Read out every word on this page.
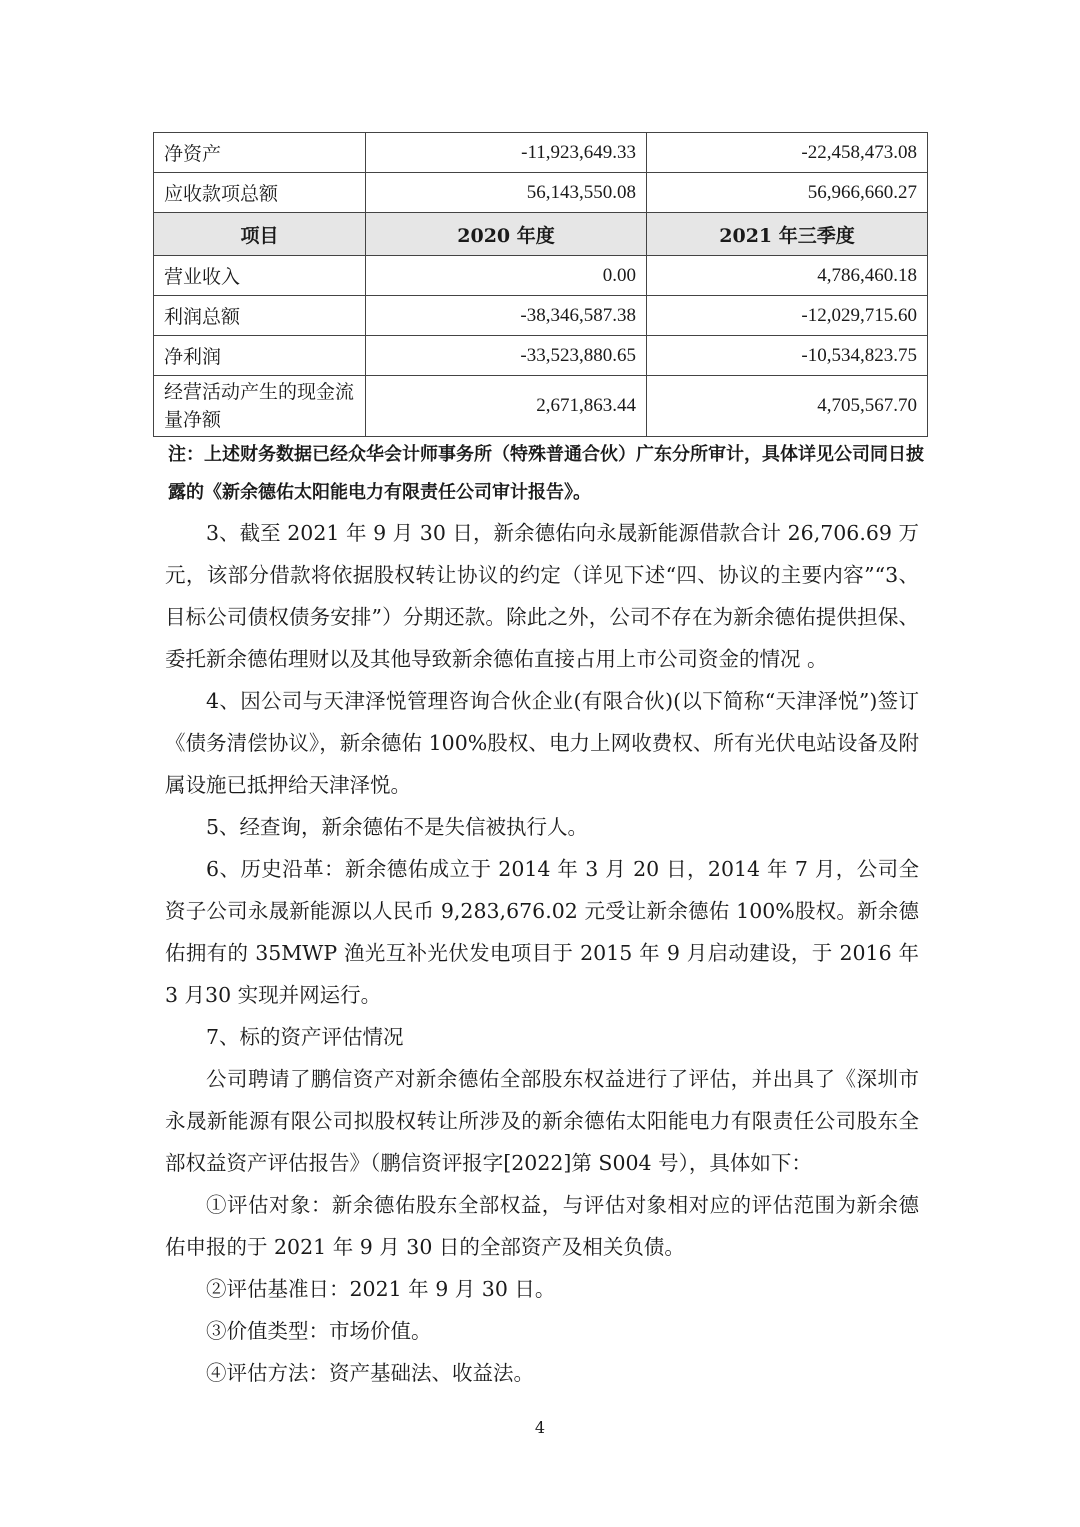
净资产	-11,923,649.33	-22,458,473.08
应收款项总额	56,143,550.08	56,966,660.27
项目	2020 年度	2021 年三季度
营业收入	0.00	4,786,460.18
利润总额	-38,346,587.38	-12,029,715.60
净利润	-33,523,880.65	-10,534,823.75
经营活动产生的现金流量净额	2,671,863.44	4,705,567.70
注：上述财务数据已经众华会计师事务所（特殊普通合伙）广东分所审计，具体详见公司同日披露的《新余德佑太阳能电力有限责任公司审计报告》。

3、截至 2021 年 9 月 30 日，新余德佑向永晟新能源借款合计 26,706.69 万元，该部分借款将依据股权转让协议的约定（详见下述“四、协议的主要内容”“3、目标公司债权债务安排”）分期还款。除此之外，公司不存在为新余德佑提供担保、委托新余德佑理财以及其他导致新余德佑直接占用上市公司资金的情况 。

4、因公司与天津泽悦管理咨询合伙企业(有限合伙)(以下简称“天津泽悦”)签订《债务清偿协议》，新余德佑 100%股权、电力上网收费权、所有光伏电站设备及附属设施已抵押给天津泽悦。

5、经查询，新余德佑不是失信被执行人。

6、历史沿革：新余德佑成立于 2014 年 3 月 20 日，2014 年 7 月，公司全资子公司永晟新能源以人民币 9,283,676.02 元受让新余德佑 100%股权。新余德佑拥有的 35MWP 渔光互补光伏发电项目于 2015 年 9 月启动建设，于 2016 年 3 月30 实现并网运行。

7、标的资产评估情况

公司聘请了鹏信资产对新余德佑全部股东权益进行了评估，并出具了《深圳市永晟新能源有限公司拟股权转让所涉及的新余德佑太阳能电力有限责任公司股东全部权益资产评估报告》（鹏信资评报字[2022]第 S004 号），具体如下：

①评估对象：新余德佑股东全部权益，与评估对象相对应的评估范围为新余德佑申报的于 2021 年 9 月 30 日的全部资产及相关负债。

②评估基准日：2021 年 9 月 30 日。

③价值类型：市场价值。

④评估方法：资产基础法、收益法。

4
